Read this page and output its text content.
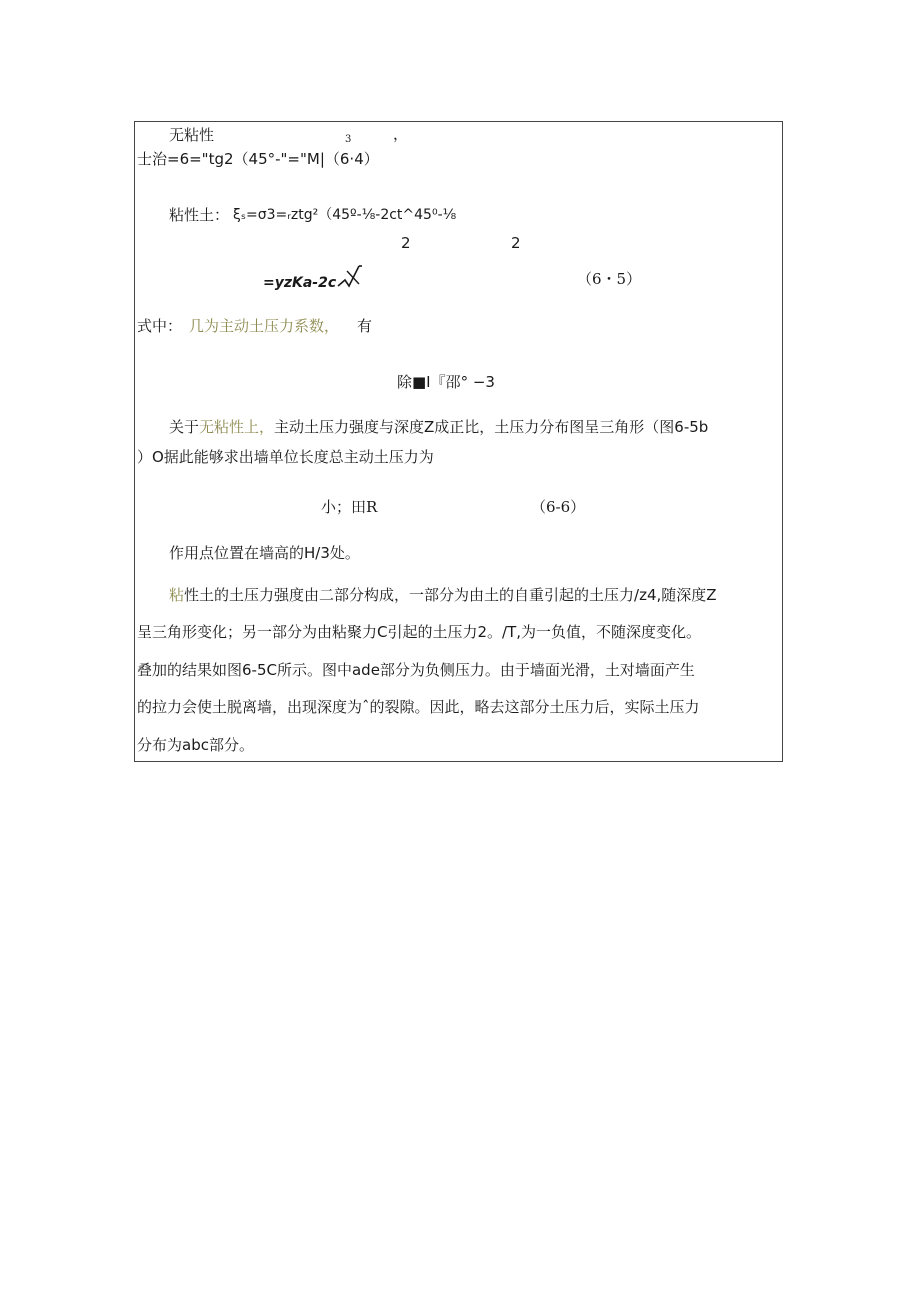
无粘性	3	，
士治=6="tg2（45°-"="M|（6·4）
粘性土： ξₛ=σ3=ᵣztg²（45º-⅛-2ct^45⁰-⅛
2	2
=yzKa-2c	（6・5）
式中： 几为主动土压力系数， 有
除■I『邵° −3
关于无粘性上，主动土压力强度与深度Z成正比，土压力分布图呈三角形（图6-5b
）O据此能够求出墙单位长度总主动土压力为
小；田R	（6-6）
作用点位置在墙高的H/3处。
粘性土的土压力强度由二部分构成，一部分为由土的自重引起的土压力/z4,随深度Z
呈三角形变化；另一部分为由粘聚力C引起的土压力2。/T,为一负值，不随深度变化。
叠加的结果如图6-5C所示。图中ade部分为负侧压力。由于墙面光滑，土对墙面产生
的拉力会使土脱离墙，出现深度为ˆ的裂隙。因此，略去这部分土压力后，实际土压力
分布为abc部分。
